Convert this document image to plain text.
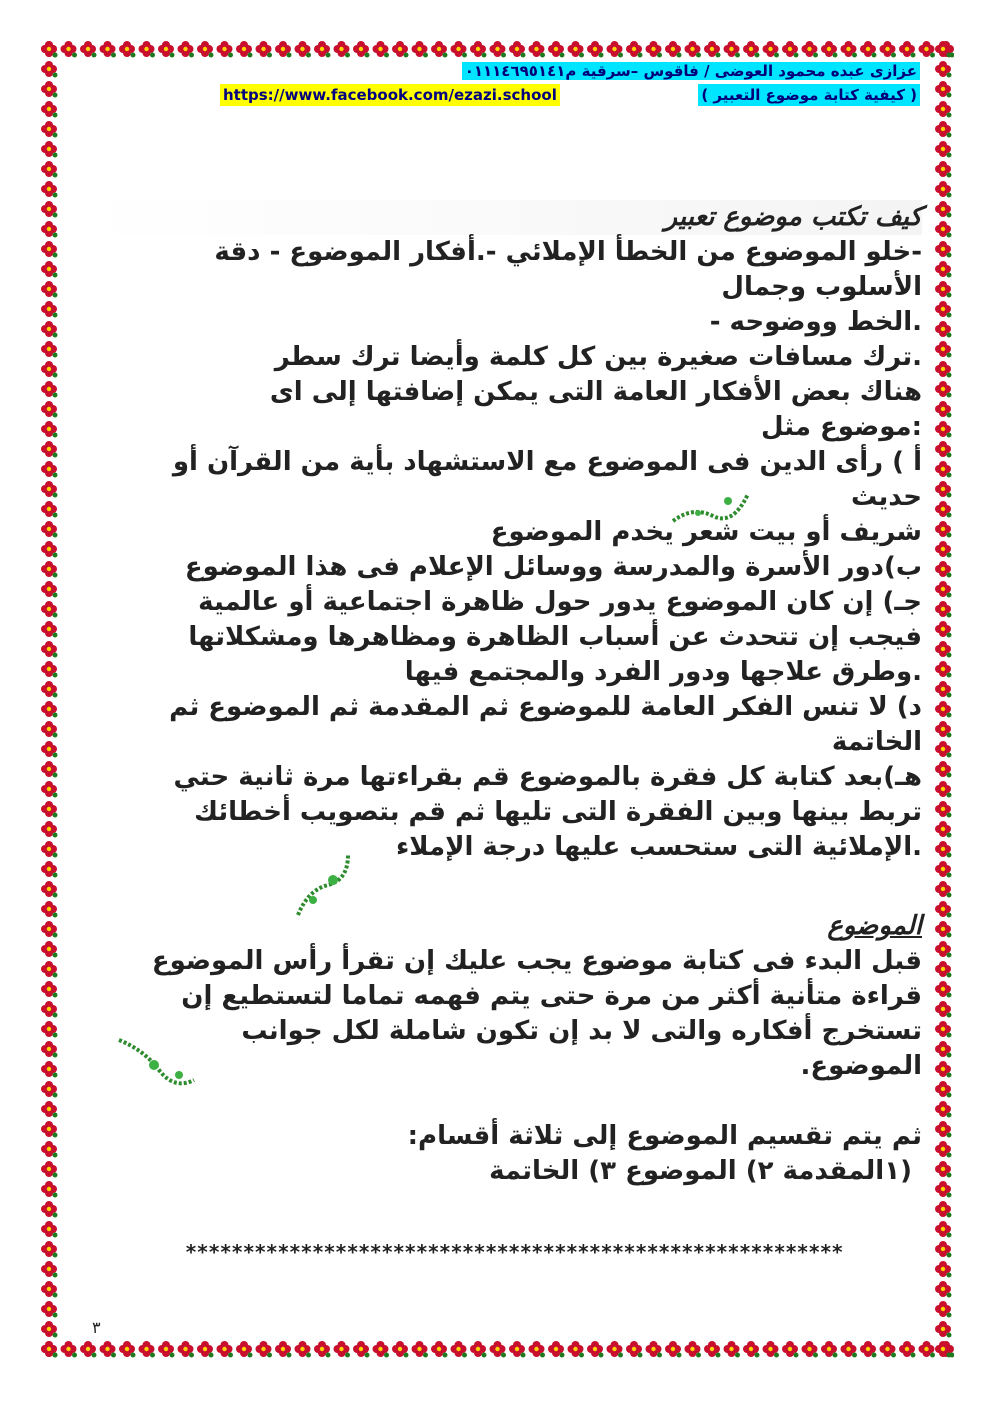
عزازى عبده محمود العوضى / فاقوس –سرقية م٠١١١٤٦٩٥١٤١
( كيفية كتابة موضوع التعبير )
https://www.facebook.com/ezazi.school

كيف تكتب موضوع تعبير

-خلو الموضوع من الخطأ الإملائي -.أفكار الموضوع - دقة

الأسلوب وجمال

.الخط ووضوحه -

.ترك مسافات صغيرة بين كل كلمة وأيضا ترك سطر

هناك بعض الأفكار العامة التى يمكن إضافتها إلى اى

:موضوع مثل

أ ) رأى الدين فى الموضوع مع الاستشهاد بأية من القرآن أو

حديث

شريف أو بيت شعر يخدم الموضوع

ب)دور الأسرة والمدرسة ووسائل الإعلام فى هذا الموضوع

جـ) إن كان الموضوع يدور حول ظاهرة اجتماعية أو عالمية

فيجب إن تتحدث عن أسباب الظاهرة ومظاهرها ومشكلاتها

.وطرق علاجها ودور الفرد والمجتمع فيها

د) لا تنس الفكر العامة للموضوع ثم المقدمة ثم الموضوع ثم

الخاتمة

هـ)بعد كتابة كل فقرة بالموضوع قم بقراءتها مرة ثانية حتي

تربط بينها وبين الفقرة التى تليها ثم قم بتصويب أخطائك

.الإملائية التى ستحسب عليها درجة الإملاء

الموضوع

قبل البدء فى كتابة موضوع يجب عليك إن تقرأ رأس الموضوع

قراءة متأنية أكثر من مرة حتى يتم فهمه تماما لتستطيع إن

تستخرج أفكاره والتى لا بد إن تكون شاملة لكل جوانب

الموضوع.

ثم يتم تقسيم الموضوع إلى ثلاثة أقسام:

(١المقدمة ٢) الموضوع ٣) الخاتمة

*********************************************************
٣
